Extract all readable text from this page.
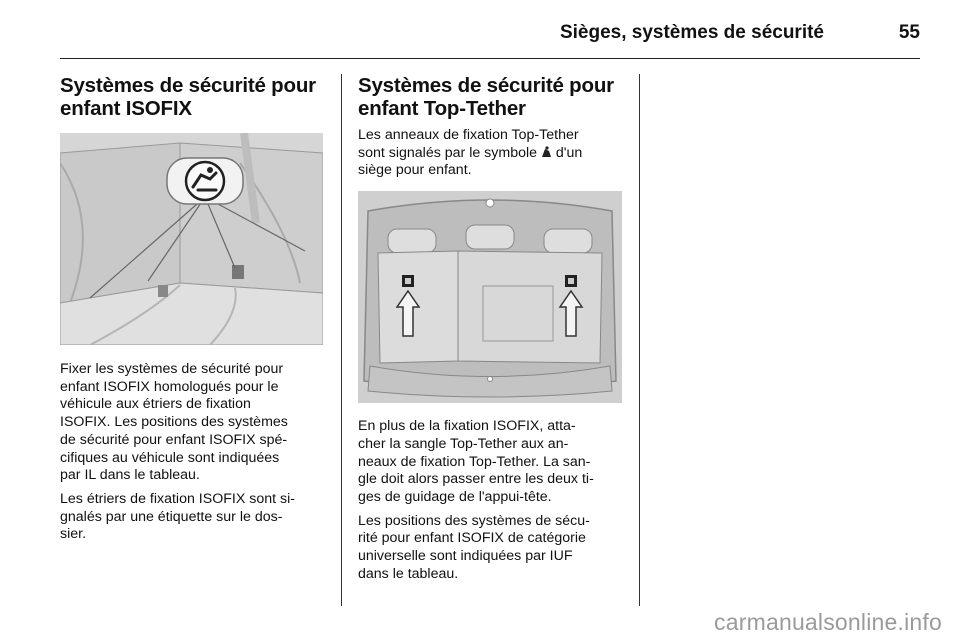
Sièges, systèmes de sécurité	55
Systèmes de sécurité pour
enfant ISOFIX

Fixer les systèmes de sécurité pour
enfant ISOFIX homologués pour le
véhicule aux étriers de fixation
ISOFIX. Les positions des systèmes
de sécurité pour enfant ISOFIX spé-
cifiques au véhicule sont indiquées
par IL dans le tableau.

Les étriers de fixation ISOFIX sont si-
gnalés par une étiquette sur le dos-
sier.

Systèmes de sécurité pour
enfant Top-Tether

Les anneaux de fixation Top-Tether
sont signalés par le symbole d'un
siège pour enfant.

En plus de la fixation ISOFIX, atta-
cher la sangle Top-Tether aux an-
neaux de fixation Top-Tether. La san-
gle doit alors passer entre les deux ti-
ges de guidage de l'appui-tête.

Les positions des systèmes de sécu-
rité pour enfant ISOFIX de catégorie
universelle sont indiquées par IUF
dans le tableau.

carmanualsonline.info
